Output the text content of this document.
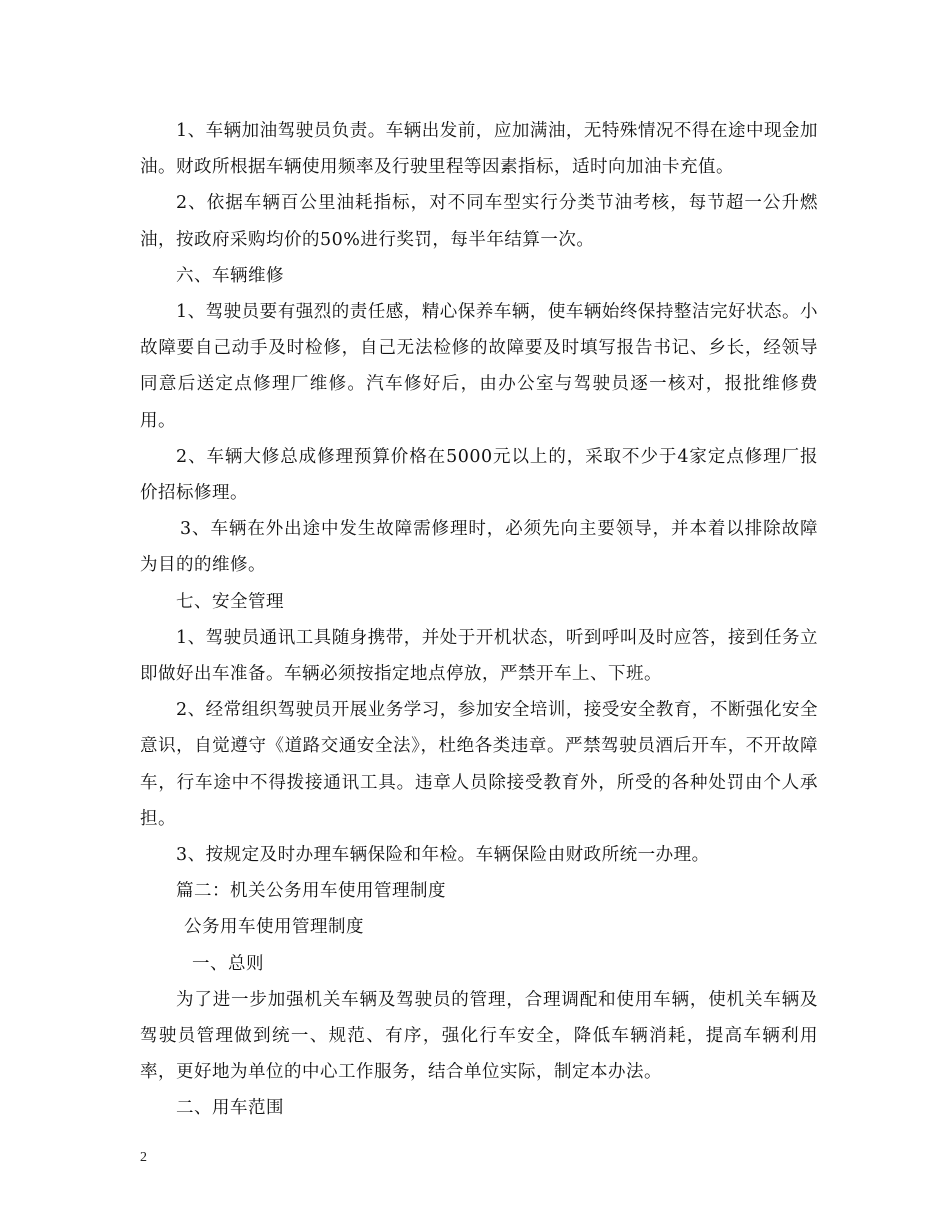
1、车辆加油驾驶员负责。车辆出发前，应加满油，无特殊情况不得在途中现金加油。财政所根据车辆使用频率及行驶里程等因素指标，适时向加油卡充值。

2、依据车辆百公里油耗指标，对不同车型实行分类节油考核，每节超一公升燃油，按政府采购均价的50%进行奖罚，每半年结算一次。

六、车辆维修

1、驾驶员要有强烈的责任感，精心保养车辆，使车辆始终保持整洁完好状态。小故障要自己动手及时检修，自己无法检修的故障要及时填写报告书记、乡长，经领导同意后送定点修理厂维修。汽车修好后，由办公室与驾驶员逐一核对，报批维修费用。

2、车辆大修总成修理预算价格在5000元以上的，采取不少于4家定点修理厂报价招标修理。

3、车辆在外出途中发生故障需修理时，必须先向主要领导，并本着以排除故障为目的的维修。

七、安全管理

1、驾驶员通讯工具随身携带，并处于开机状态，听到呼叫及时应答，接到任务立即做好出车准备。车辆必须按指定地点停放，严禁开车上、下班。

2、经常组织驾驶员开展业务学习，参加安全培训，接受安全教育，不断强化安全意识，自觉遵守《道路交通安全法》，杜绝各类违章。严禁驾驶员酒后开车，不开故障车，行车途中不得拨接通讯工具。违章人员除接受教育外，所受的各种处罚由个人承担。

3、按规定及时办理车辆保险和年检。车辆保险由财政所统一办理。

篇二：机关公务用车使用管理制度

公务用车使用管理制度

一、总则

为了进一步加强机关车辆及驾驶员的管理，合理调配和使用车辆，使机关车辆及驾驶员管理做到统一、规范、有序，强化行车安全，降低车辆消耗，提高车辆利用率，更好地为单位的中心工作服务，结合单位实际，制定本办法。

二、用车范围

2
